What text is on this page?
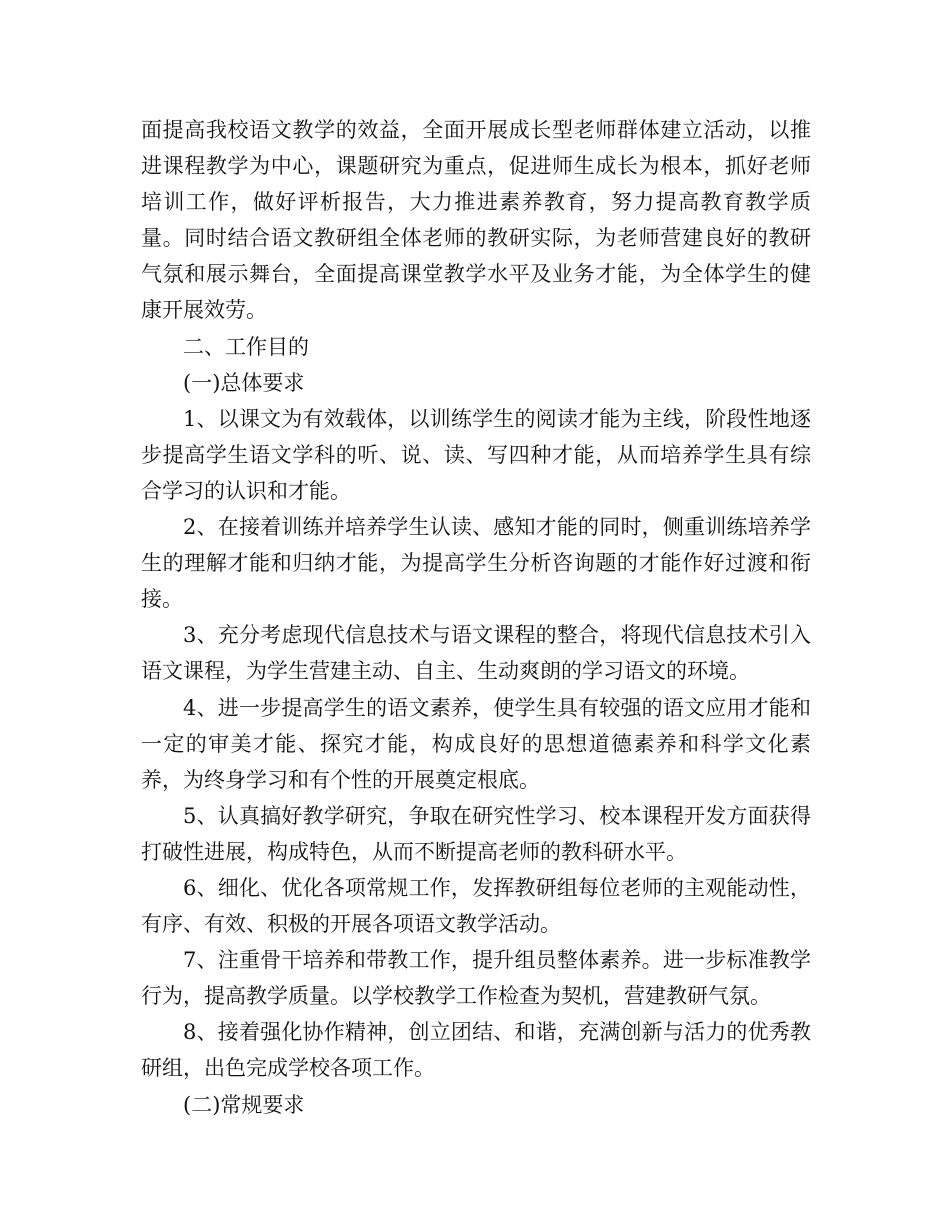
面提高我校语文教学的效益，全面开展成长型老师群体建立活动，以推进课程教学为中心，课题研究为重点，促进师生成长为根本，抓好老师培训工作，做好评析报告，大力推进素养教育，努力提高教育教学质量。同时结合语文教研组全体老师的教研实际，为老师营建良好的教研气氛和展示舞台，全面提高课堂教学水平及业务才能，为全体学生的健康开展效劳。

二、工作目的

(一)总体要求

1、以课文为有效载体，以训练学生的阅读才能为主线，阶段性地逐步提高学生语文学科的听、说、读、写四种才能，从而培养学生具有综合学习的认识和才能。

2、在接着训练并培养学生认读、感知才能的同时，侧重训练培养学生的理解才能和归纳才能，为提高学生分析咨询题的才能作好过渡和衔接。

3、充分考虑现代信息技术与语文课程的整合，将现代信息技术引入语文课程，为学生营建主动、自主、生动爽朗的学习语文的环境。

4、进一步提高学生的语文素养，使学生具有较强的语文应用才能和一定的审美才能、探究才能，构成良好的思想道德素养和科学文化素养，为终身学习和有个性的开展奠定根底。

5、认真搞好教学研究，争取在研究性学习、校本课程开发方面获得打破性进展，构成特色，从而不断提高老师的教科研水平。

6、细化、优化各项常规工作，发挥教研组每位老师的主观能动性，有序、有效、积极的开展各项语文教学活动。

7、注重骨干培养和带教工作，提升组员整体素养。进一步标准教学行为，提高教学质量。以学校教学工作检查为契机，营建教研气氛。

8、接着强化协作精神，创立团结、和谐，充满创新与活力的优秀教研组，出色完成学校各项工作。

(二)常规要求
